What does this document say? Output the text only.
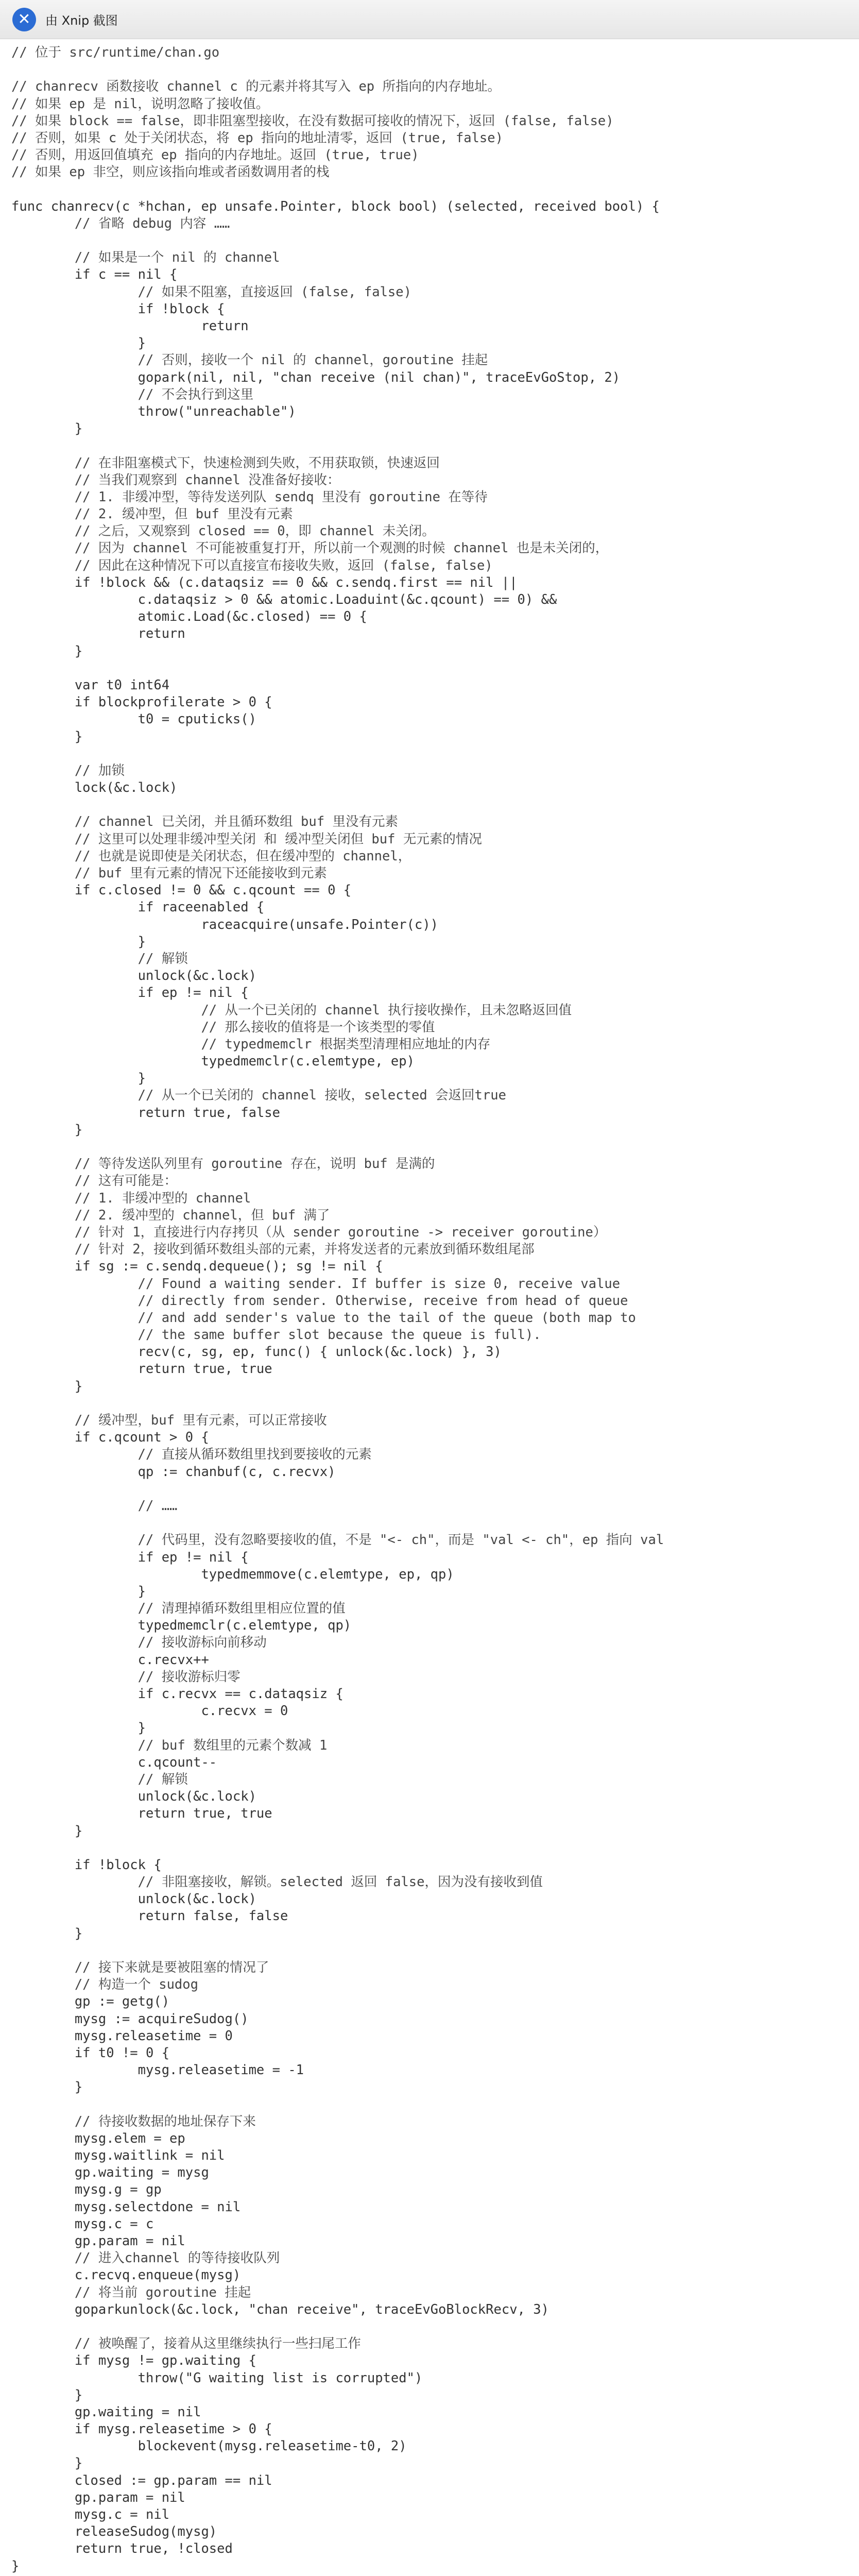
✕	由 Xnip 截图
// 位于 src/runtime/chan.go

// chanrecv 函数接收 channel c 的元素并将其写入 ep 所指向的内存地址。
// 如果 ep 是 nil，说明忽略了接收值。
// 如果 block == false，即非阻塞型接收，在没有数据可接收的情况下，返回 (false, false)
// 否则，如果 c 处于关闭状态，将 ep 指向的地址清零，返回 (true, false)
// 否则，用返回值填充 ep 指向的内存地址。返回 (true, true)
// 如果 ep 非空，则应该指向堆或者函数调用者的栈

func chanrecv(c *hchan, ep unsafe.Pointer, block bool) (selected, received bool) {
// 省略 debug 内容 ……

// 如果是一个 nil 的 channel
if c == nil {
// 如果不阻塞，直接返回 (false, false)
if !block {
return
}
// 否则，接收一个 nil 的 channel，goroutine 挂起
gopark(nil, nil, "chan receive (nil chan)", traceEvGoStop, 2)
// 不会执行到这里
throw("unreachable")
}

// 在非阻塞模式下，快速检测到失败，不用获取锁，快速返回
// 当我们观察到 channel 没准备好接收：
// 1. 非缓冲型，等待发送列队 sendq 里没有 goroutine 在等待
// 2. 缓冲型，但 buf 里没有元素
// 之后，又观察到 closed == 0，即 channel 未关闭。
// 因为 channel 不可能被重复打开，所以前一个观测的时候 channel 也是未关闭的，
// 因此在这种情况下可以直接宣布接收失败，返回 (false, false)
if !block && (c.dataqsiz == 0 && c.sendq.first == nil ||
c.dataqsiz > 0 && atomic.Loaduint(&c.qcount) == 0) &&
atomic.Load(&c.closed) == 0 {
return
}

var t0 int64
if blockprofilerate > 0 {
t0 = cputicks()
}

// 加锁
lock(&c.lock)

// channel 已关闭，并且循环数组 buf 里没有元素
// 这里可以处理非缓冲型关闭 和 缓冲型关闭但 buf 无元素的情况
// 也就是说即使是关闭状态，但在缓冲型的 channel，
// buf 里有元素的情况下还能接收到元素
if c.closed != 0 && c.qcount == 0 {
if raceenabled {
raceacquire(unsafe.Pointer(c))
}
// 解锁
unlock(&c.lock)
if ep != nil {
// 从一个已关闭的 channel 执行接收操作，且未忽略返回值
// 那么接收的值将是一个该类型的零值
// typedmemclr 根据类型清理相应地址的内存
typedmemclr(c.elemtype, ep)
}
// 从一个已关闭的 channel 接收，selected 会返回true
return true, false
}

// 等待发送队列里有 goroutine 存在，说明 buf 是满的
// 这有可能是：
// 1. 非缓冲型的 channel
// 2. 缓冲型的 channel，但 buf 满了
// 针对 1，直接进行内存拷贝（从 sender goroutine -> receiver goroutine）
// 针对 2，接收到循环数组头部的元素，并将发送者的元素放到循环数组尾部
if sg := c.sendq.dequeue(); sg != nil {
// Found a waiting sender. If buffer is size 0, receive value
// directly from sender. Otherwise, receive from head of queue
// and add sender's value to the tail of the queue (both map to
// the same buffer slot because the queue is full).
recv(c, sg, ep, func() { unlock(&c.lock) }, 3)
return true, true
}

// 缓冲型，buf 里有元素，可以正常接收
if c.qcount > 0 {
// 直接从循环数组里找到要接收的元素
qp := chanbuf(c, c.recvx)

// ……

// 代码里，没有忽略要接收的值，不是 "<- ch"，而是 "val <- ch"，ep 指向 val
if ep != nil {
typedmemmove(c.elemtype, ep, qp)
}
// 清理掉循环数组里相应位置的值
typedmemclr(c.elemtype, qp)
// 接收游标向前移动
c.recvx++
// 接收游标归零
if c.recvx == c.dataqsiz {
c.recvx = 0
}
// buf 数组里的元素个数减 1
c.qcount--
// 解锁
unlock(&c.lock)
return true, true
}

if !block {
// 非阻塞接收，解锁。selected 返回 false，因为没有接收到值
unlock(&c.lock)
return false, false
}

// 接下来就是要被阻塞的情况了
// 构造一个 sudog
gp := getg()
mysg := acquireSudog()
mysg.releasetime = 0
if t0 != 0 {
mysg.releasetime = -1
}

// 待接收数据的地址保存下来
mysg.elem = ep
mysg.waitlink = nil
gp.waiting = mysg
mysg.g = gp
mysg.selectdone = nil
mysg.c = c
gp.param = nil
// 进入channel 的等待接收队列
c.recvq.enqueue(mysg)
// 将当前 goroutine 挂起
goparkunlock(&c.lock, "chan receive", traceEvGoBlockRecv, 3)

// 被唤醒了，接着从这里继续执行一些扫尾工作
if mysg != gp.waiting {
throw("G waiting list is corrupted")
}
gp.waiting = nil
if mysg.releasetime > 0 {
blockevent(mysg.releasetime-t0, 2)
}
closed := gp.param == nil
gp.param = nil
mysg.c = nil
releaseSudog(mysg)
return true, !closed
}
